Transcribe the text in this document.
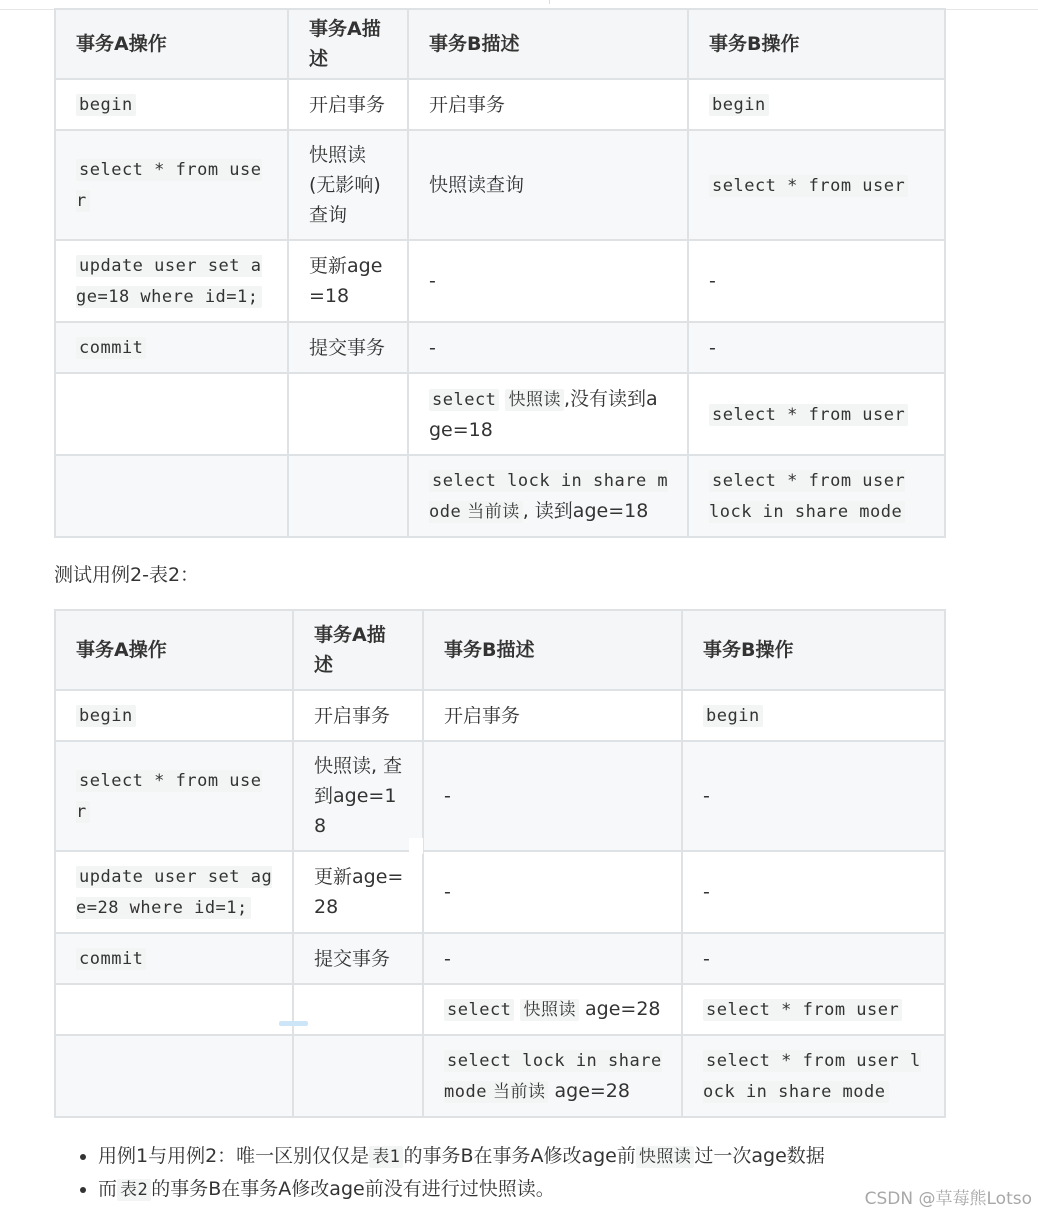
事务A操作	事务A描述	事务B描述	事务B操作
begin	开启事务	开启事务	begin
select * from user	快照读(无影响)查询	快照读查询	select * from user
update user set age=18 where id=1;	更新age=18	-	-
commit	提交事务	-	-
		select 快照读 ,没有读到age=18	select * from user
		select lock in share mode 当前读 , 读到age=18	select * from user lock in share mode
测试用例2-表2：
事务A操作	事务A描述	事务B描述	事务B操作
begin	开启事务	开启事务	begin
select * from user	快照读, 查到age=18	-	-
update user set age=28 where id=1;	更新age=28	-	-
commit	提交事务	-	-
		select 快照读 age=28	select * from user
		select lock in share mode 当前读 age=28	select * from user lock in share mode
• 用例1与用例2：唯一区别仅仅是 表1 的事务B在事务A修改age前 快照读 过一次age数据
• 而 表2 的事务B在事务A修改age前没有进行过快照读。	CSDN @草莓熊Lotso
